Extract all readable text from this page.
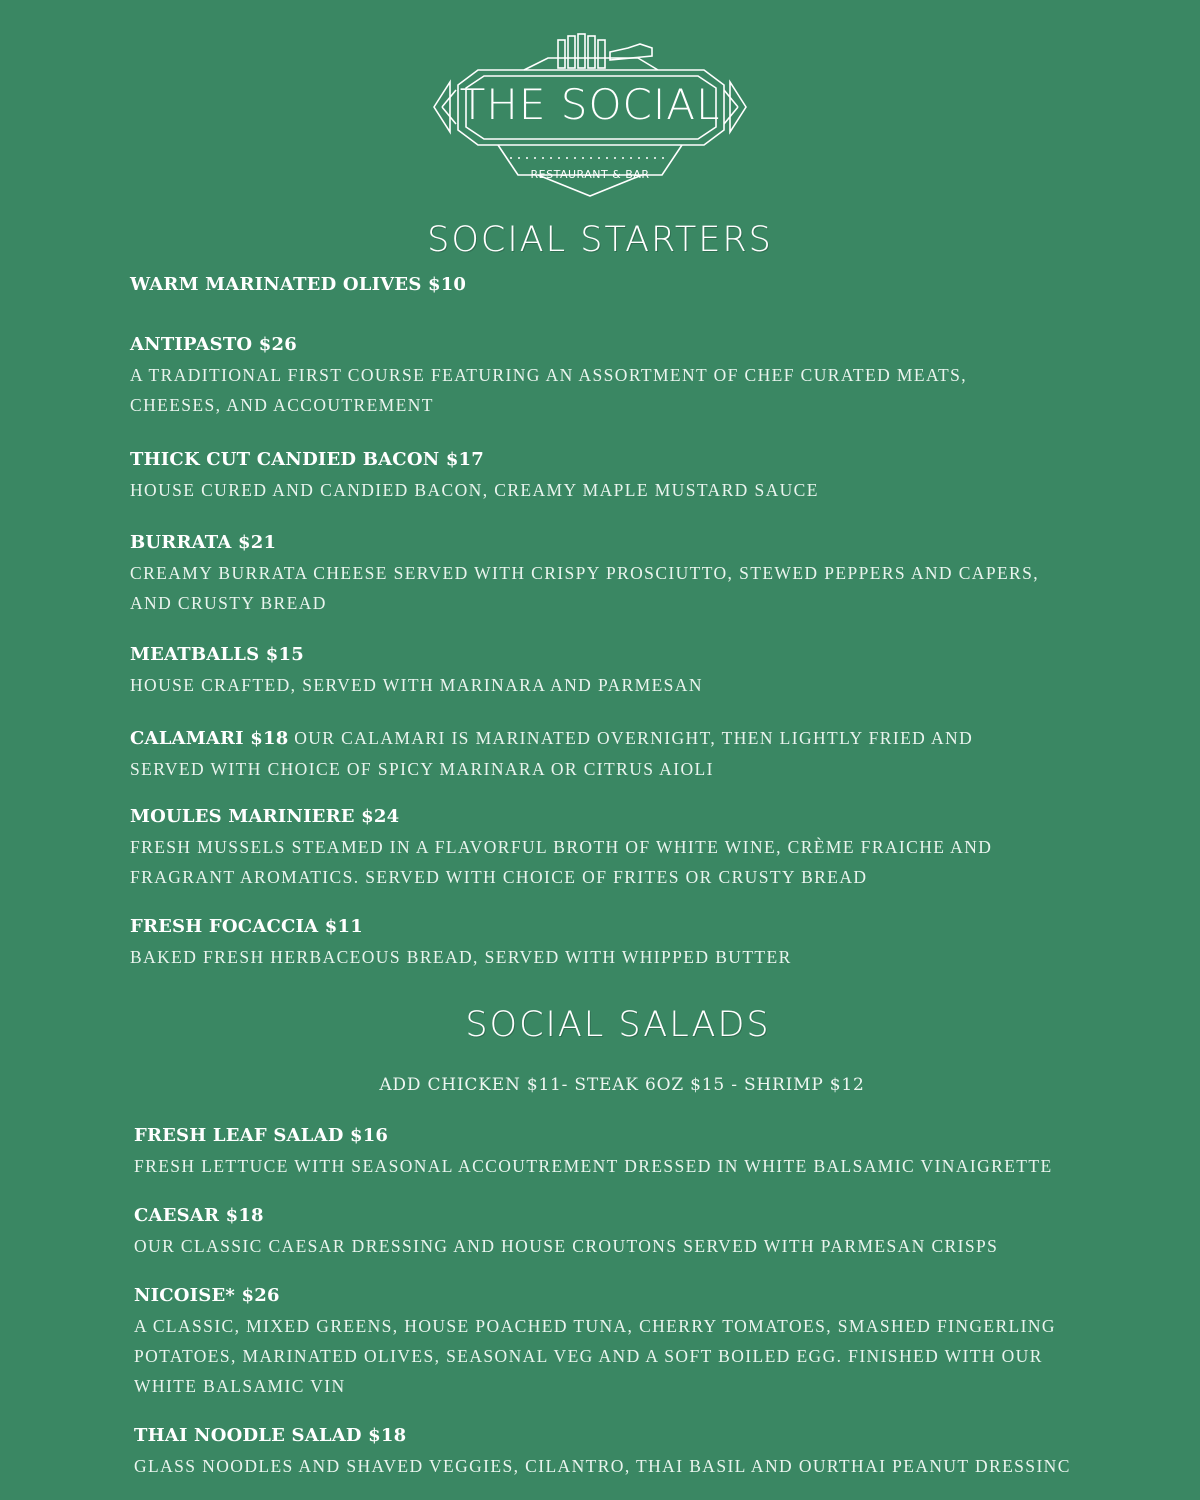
THE SOCIAL
RESTAURANT & BAR
SOCIAL STARTERS
WARM MARINATED OLIVES $10
ANTIPASTO $26
A TRADITIONAL FIRST COURSE FEATURING AN ASSORTMENT OF CHEF CURATED MEATS,
CHEESES, AND ACCOUTREMENT
THICK CUT CANDIED BACON $17
HOUSE CURED AND CANDIED BACON, CREAMY MAPLE MUSTARD SAUCE
BURRATA $21
CREAMY BURRATA CHEESE SERVED WITH CRISPY PROSCIUTTO, STEWED PEPPERS AND CAPERS,
AND CRUSTY BREAD
MEATBALLS $15
HOUSE CRAFTED, SERVED WITH MARINARA AND PARMESAN
CALAMARI $18 OUR CALAMARI IS MARINATED OVERNIGHT, THEN LIGHTLY FRIED AND
SERVED WITH CHOICE OF SPICY MARINARA OR CITRUS AIOLI
MOULES MARINIERE $24
FRESH MUSSELS STEAMED IN A FLAVORFUL BROTH OF WHITE WINE, CRÈME FRAICHE AND
FRAGRANT AROMATICS. SERVED WITH CHOICE OF FRITES OR CRUSTY BREAD
FRESH FOCACCIA $11
BAKED FRESH HERBACEOUS BREAD, SERVED WITH WHIPPED BUTTER
SOCIAL SALADS
ADD CHICKEN $11- STEAK 6OZ $15 - SHRIMP $12
FRESH LEAF SALAD $16
FRESH LETTUCE WITH SEASONAL ACCOUTREMENT DRESSED IN WHITE BALSAMIC VINAIGRETTE
CAESAR $18
OUR CLASSIC CAESAR DRESSING AND HOUSE CROUTONS SERVED WITH PARMESAN CRISPS
NICOISE* $26
A CLASSIC, MIXED GREENS, HOUSE POACHED TUNA, CHERRY TOMATOES, SMASHED FINGERLING
POTATOES, MARINATED OLIVES, SEASONAL VEG AND A SOFT BOILED EGG. FINISHED WITH OUR
WHITE BALSAMIC VIN
THAI NOODLE SALAD $18
GLASS NOODLES AND SHAVED VEGGIES, CILANTRO, THAI BASIL AND OURTHAI PEANUT DRESSINC
